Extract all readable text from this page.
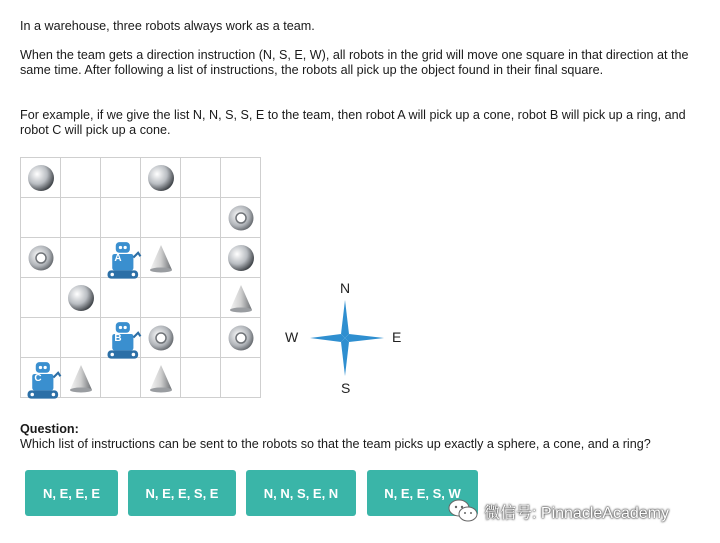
In a warehouse, three robots always work as a team.

When the team gets a direction instruction (N, S, E, W), all robots in the grid will move one square in that direction at the same time. After following a list of instructions, the robots all pick up the object found in their final square.

For example, if we give the list N, N, S, S, E to the team, then robot A will pick up a cone, robot B will pick up a ring, and robot C will pick up a cone.

A
B
C
N
S
E
W
Question:
Which list of instructions can be sent to the robots so that the team picks up exactly a sphere, a cone, and a ring?
N, E, E, E	N, E, E, S, E	N, N, S, E, N	N, E, E, S, W
微信号: PinnacleAcademy
